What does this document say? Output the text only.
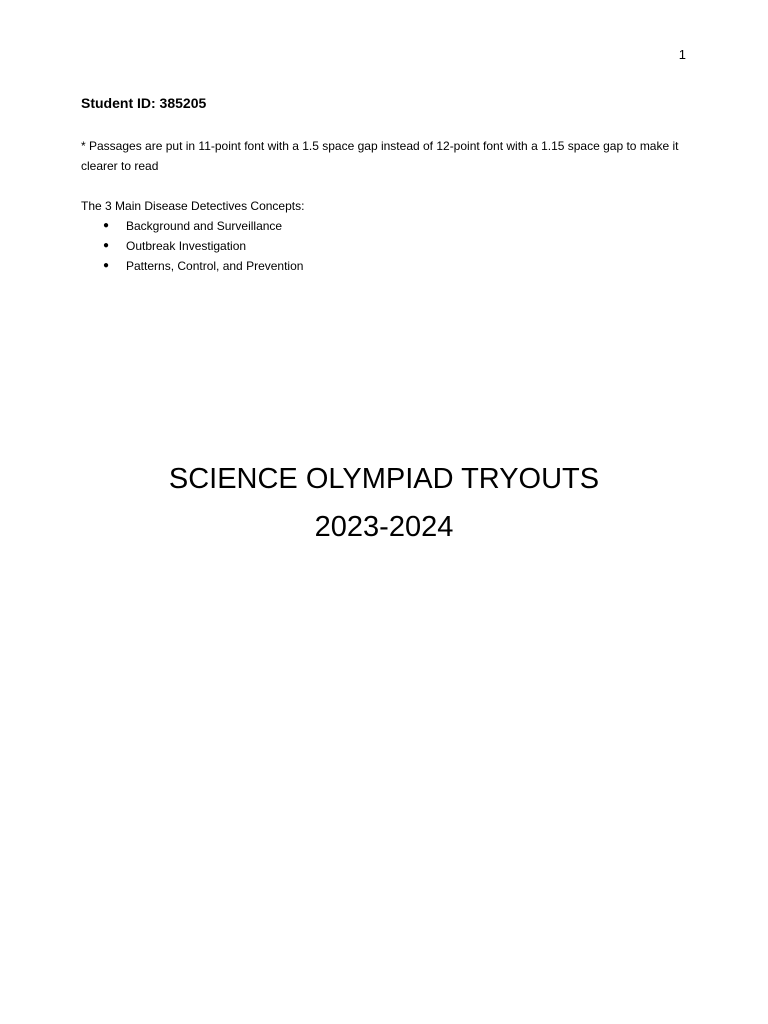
1
Student ID: 385205
* Passages are put in 11-point font with a 1.5 space gap instead of 12-point font with a 1.15 space gap to make it clearer to read
The 3 Main Disease Detectives Concepts:
● Background and Surveillance
● Outbreak Investigation
● Patterns, Control, and Prevention
SCIENCE OLYMPIAD TRYOUTS
2023-2024
